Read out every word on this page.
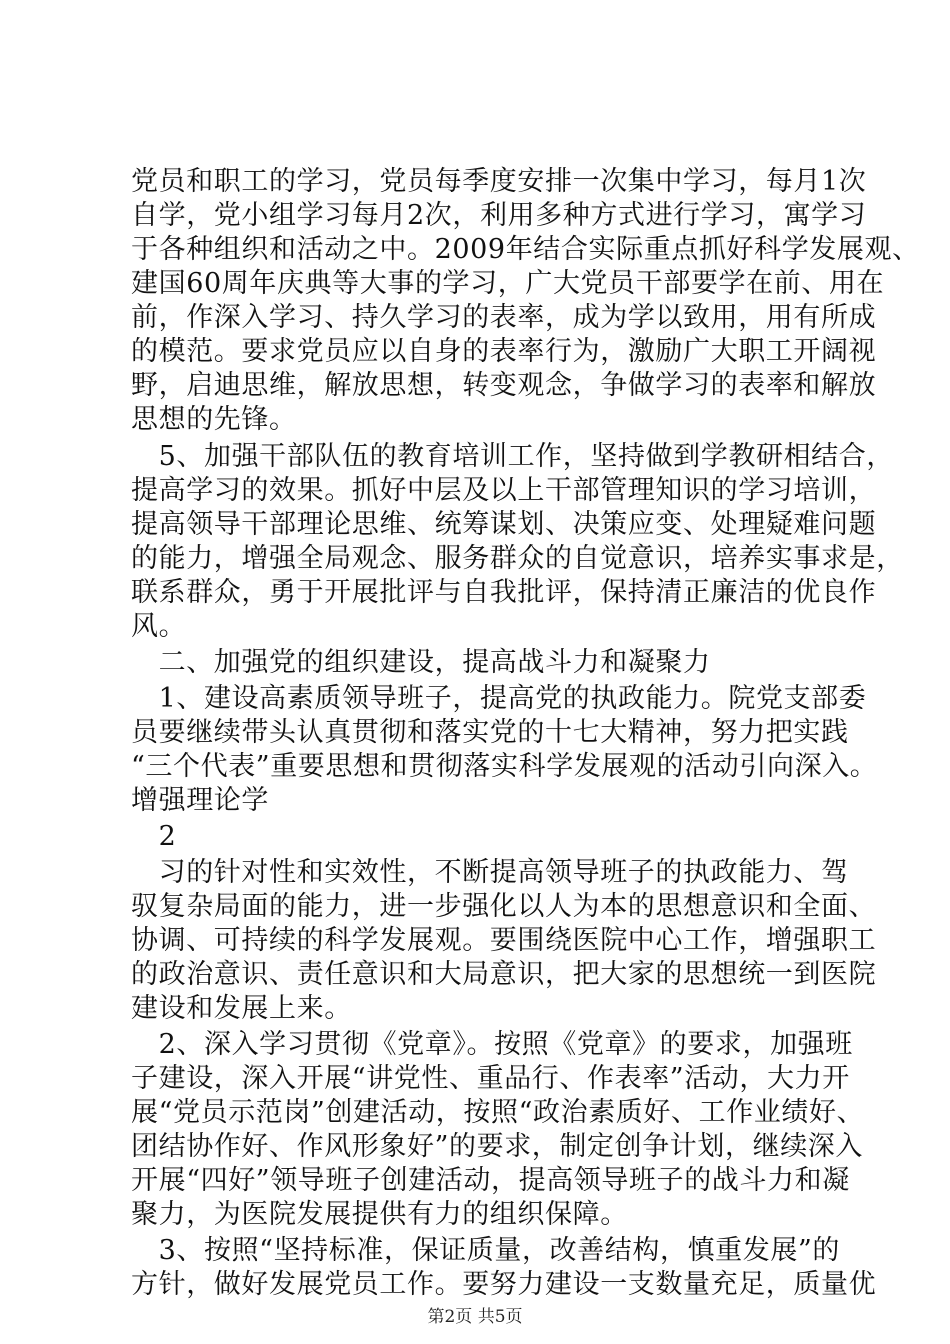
党员和职工的学习，党员每季度安排一次集中学习，每月1次
自学，党小组学习每月2次，利用多种方式进行学习，寓学习
于各种组织和活动之中。2009年结合实际重点抓好科学发展观、
建国60周年庆典等大事的学习，广大党员干部要学在前、用在
前，作深入学习、持久学习的表率，成为学以致用，用有所成
的模范。要求党员应以自身的表率行为，激励广大职工开阔视
野，启迪思维，解放思想，转变观念，争做学习的表率和解放
思想的先锋。
　5、加强干部队伍的教育培训工作，坚持做到学教研相结合，
提高学习的效果。抓好中层及以上干部管理知识的学习培训，
提高领导干部理论思维、统筹谋划、决策应变、处理疑难问题
的能力，增强全局观念、服务群众的自觉意识，培养实事求是，
联系群众，勇于开展批评与自我批评，保持清正廉洁的优良作
风。
　二、加强党的组织建设，提高战斗力和凝聚力
　1、建设高素质领导班子，提高党的执政能力。院党支部委
员要继续带头认真贯彻和落实党的十七大精神，努力把实践
“三个代表”重要思想和贯彻落实科学发展观的活动引向深入。
增强理论学
　2
　习的针对性和实效性，不断提高领导班子的执政能力、驾
驭复杂局面的能力，进一步强化以人为本的思想意识和全面、
协调、可持续的科学发展观。要围绕医院中心工作，增强职工
的政治意识、责任意识和大局意识，把大家的思想统一到医院
建设和发展上来。
　2、深入学习贯彻《党章》。按照《党章》的要求，加强班
子建设，深入开展“讲党性、重品行、作表率”活动，大力开
展“党员示范岗”创建活动，按照“政治素质好、工作业绩好、
团结协作好、作风形象好”的要求，制定创争计划，继续深入
开展“四好”领导班子创建活动，提高领导班子的战斗力和凝
聚力，为医院发展提供有力的组织保障。
　3、按照“坚持标准，保证质量，改善结构，慎重发展”的
方针，做好发展党员工作。要努力建设一支数量充足，质量优
第2页 共5页
